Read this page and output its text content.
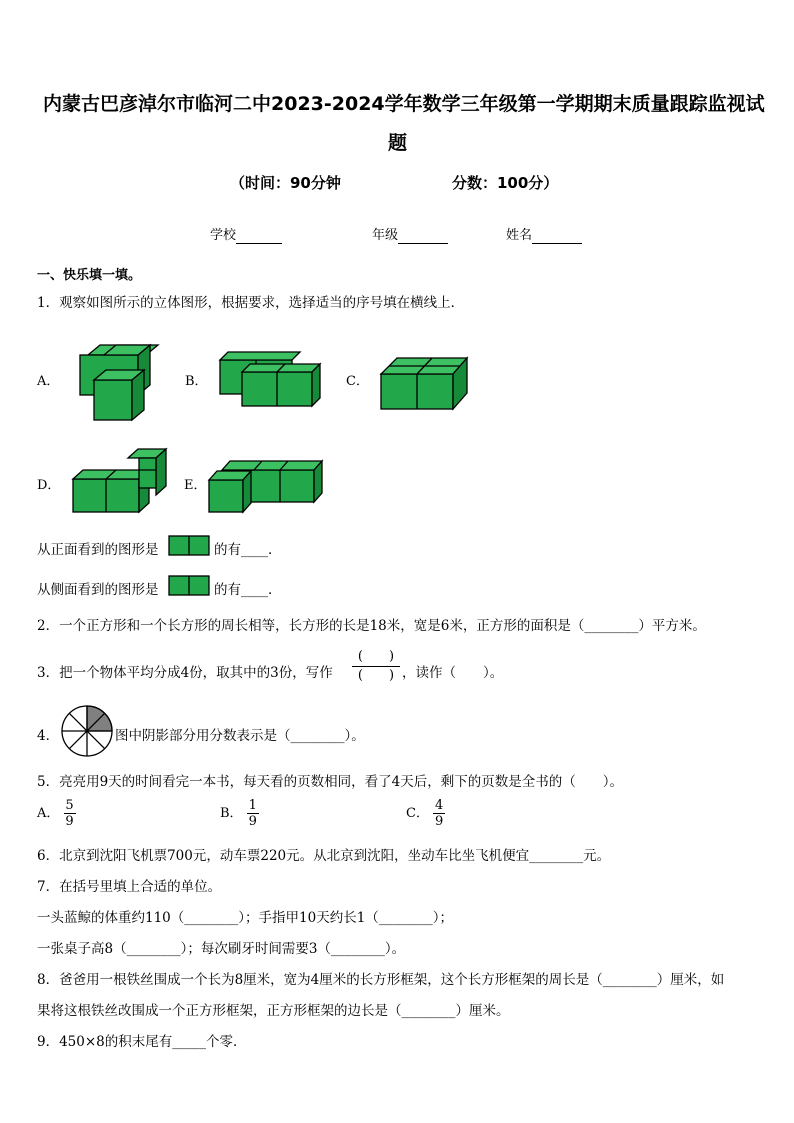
内蒙古巴彦淖尔市临河二中2023-2024学年数学三年级第一学期期末质量跟踪监视试
题
（时间：90分钟	分数：100分）
学校	年级	姓名
一、快乐填一填。
1．观察如图所示的立体图形，根据要求，选择适当的序号填在横线上．
A．	B．	C．
D．	E．
从正面看到的图形是	的有____．
从侧面看到的图形是	的有____．
2．一个正方形和一个长方形的周长相等，长方形的长是18米，宽是6米，正方形的面积是（________）平方米。
3．把一个物体平均分成4份，取其中的3份，写作
(　　)
(　　) ，读作（　　）。
4．	图中阴影部分用分数表示是（________）。
5．亮亮用9天的时间看完一本书，每天看的页数相同，看了4天后，剩下的页数是全书的（　　）。
A． $\frac{5}{9}$	B． $\frac{1}{9}$	C． $\frac{4}{9}$
6．北京到沈阳飞机票700元，动车票220元。从北京到沈阳，坐动车比坐飞机便宜________元。
7．在括号里填上合适的单位。
一头蓝鲸的体重约110（________）；手指甲10天约长1（________）；
一张桌子高8（________）；每次刷牙时间需要3（________）。
8．爸爸用一根铁丝围成一个长为8厘米，宽为4厘米的长方形框架，这个长方形框架的周长是（________）厘米，如
果将这根铁丝改围成一个正方形框架，正方形框架的边长是（________）厘米。
9．450×8的积末尾有_____个零．
